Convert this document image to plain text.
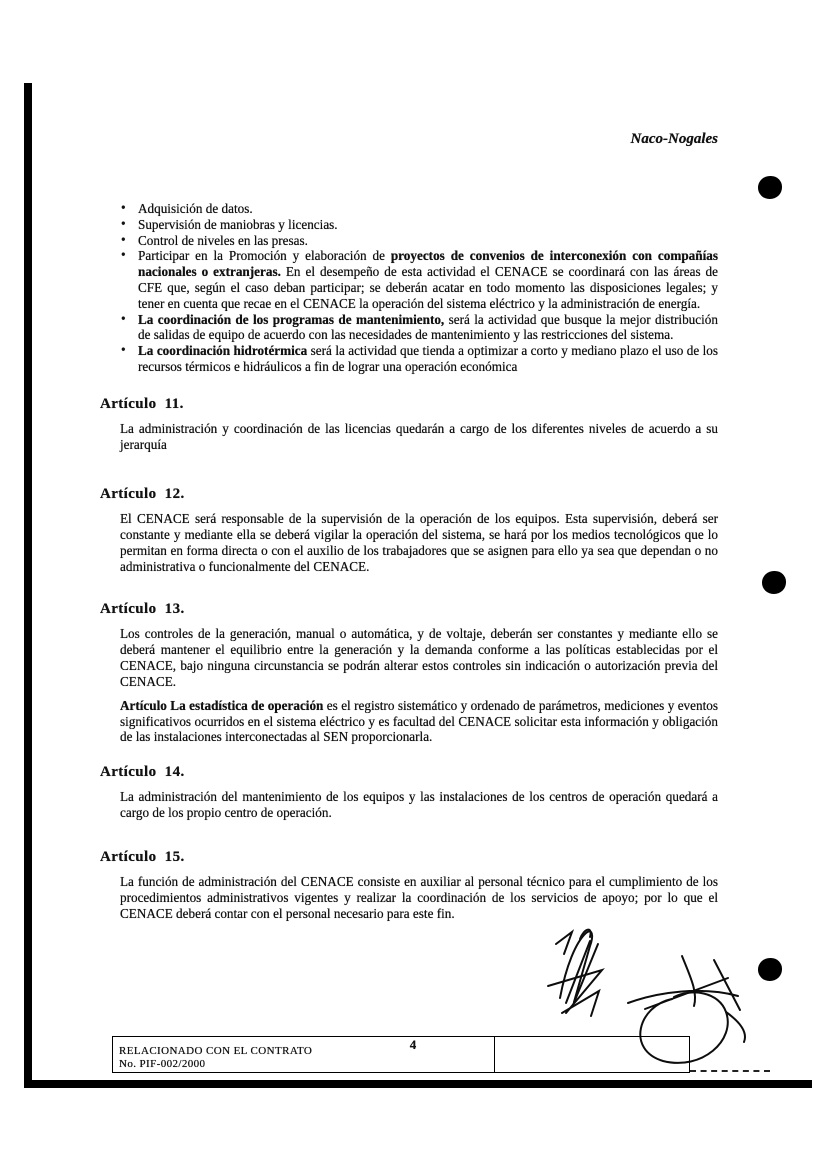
Naco-Nogales
• Adquisición de datos.
• Supervisión de maniobras y licencias.
• Control de niveles en las presas.
• Participar en la Promoción y elaboración de proyectos de convenios de interconexión con compañías nacionales o extranjeras. En el desempeño de esta actividad el CENACE se coordinará con las áreas de CFE que, según el caso deban participar; se deberán acatar en todo momento las disposiciones legales; y tener en cuenta que recae en el CENACE la operación del sistema eléctrico y la administración de energía.
• La coordinación de los programas de mantenimiento, será la actividad que busque la mejor distribución de salidas de equipo de acuerdo con las necesidades de mantenimiento y las restricciones del sistema.
• La coordinación hidrotérmica será la actividad que tienda a optimizar a corto y mediano plazo el uso de los recursos térmicos e hidráulicos a fin de lograr una operación económica
Artículo 11.

La administración y coordinación de las licencias quedarán a cargo de los diferentes niveles de acuerdo a su jerarquía

Artículo 12.

El CENACE será responsable de la supervisión de la operación de los equipos. Esta supervisión, deberá ser constante y mediante ella se deberá vigilar la operación del sistema, se hará por los medios tecnológicos que lo permitan en forma directa o con el auxilio de los trabajadores que se asignen para ello ya sea que dependan o no administrativa o funcionalmente del CENACE.

Artículo 13.

Los controles de la generación, manual o automática, y de voltaje, deberán ser constantes y mediante ello se deberá mantener el equilibrio entre la generación y la demanda conforme a las políticas establecidas por el CENACE, bajo ninguna circunstancia se podrán alterar estos controles sin indicación o autorización previa del CENACE.

Artículo La estadística de operación es el registro sistemático y ordenado de parámetros, mediciones y eventos significativos ocurridos en el sistema eléctrico y es facultad del CENACE solicitar esta información y obligación de las instalaciones interconectadas al SEN proporcionarla.

Artículo 14.

La administración del mantenimiento de los equipos y las instalaciones de los centros de operación quedará a cargo de los propio centro de operación.

Artículo 15.

La función de administración del CENACE consiste en auxiliar al personal técnico para el cumplimiento de los procedimientos administrativos vigentes y realizar la coordinación de los servicios de apoyo; por lo que el CENACE deberá contar con el personal necesario para este fin.

RELACIONADO CON EL CONTRATO
No. PIF-002/2000
4
